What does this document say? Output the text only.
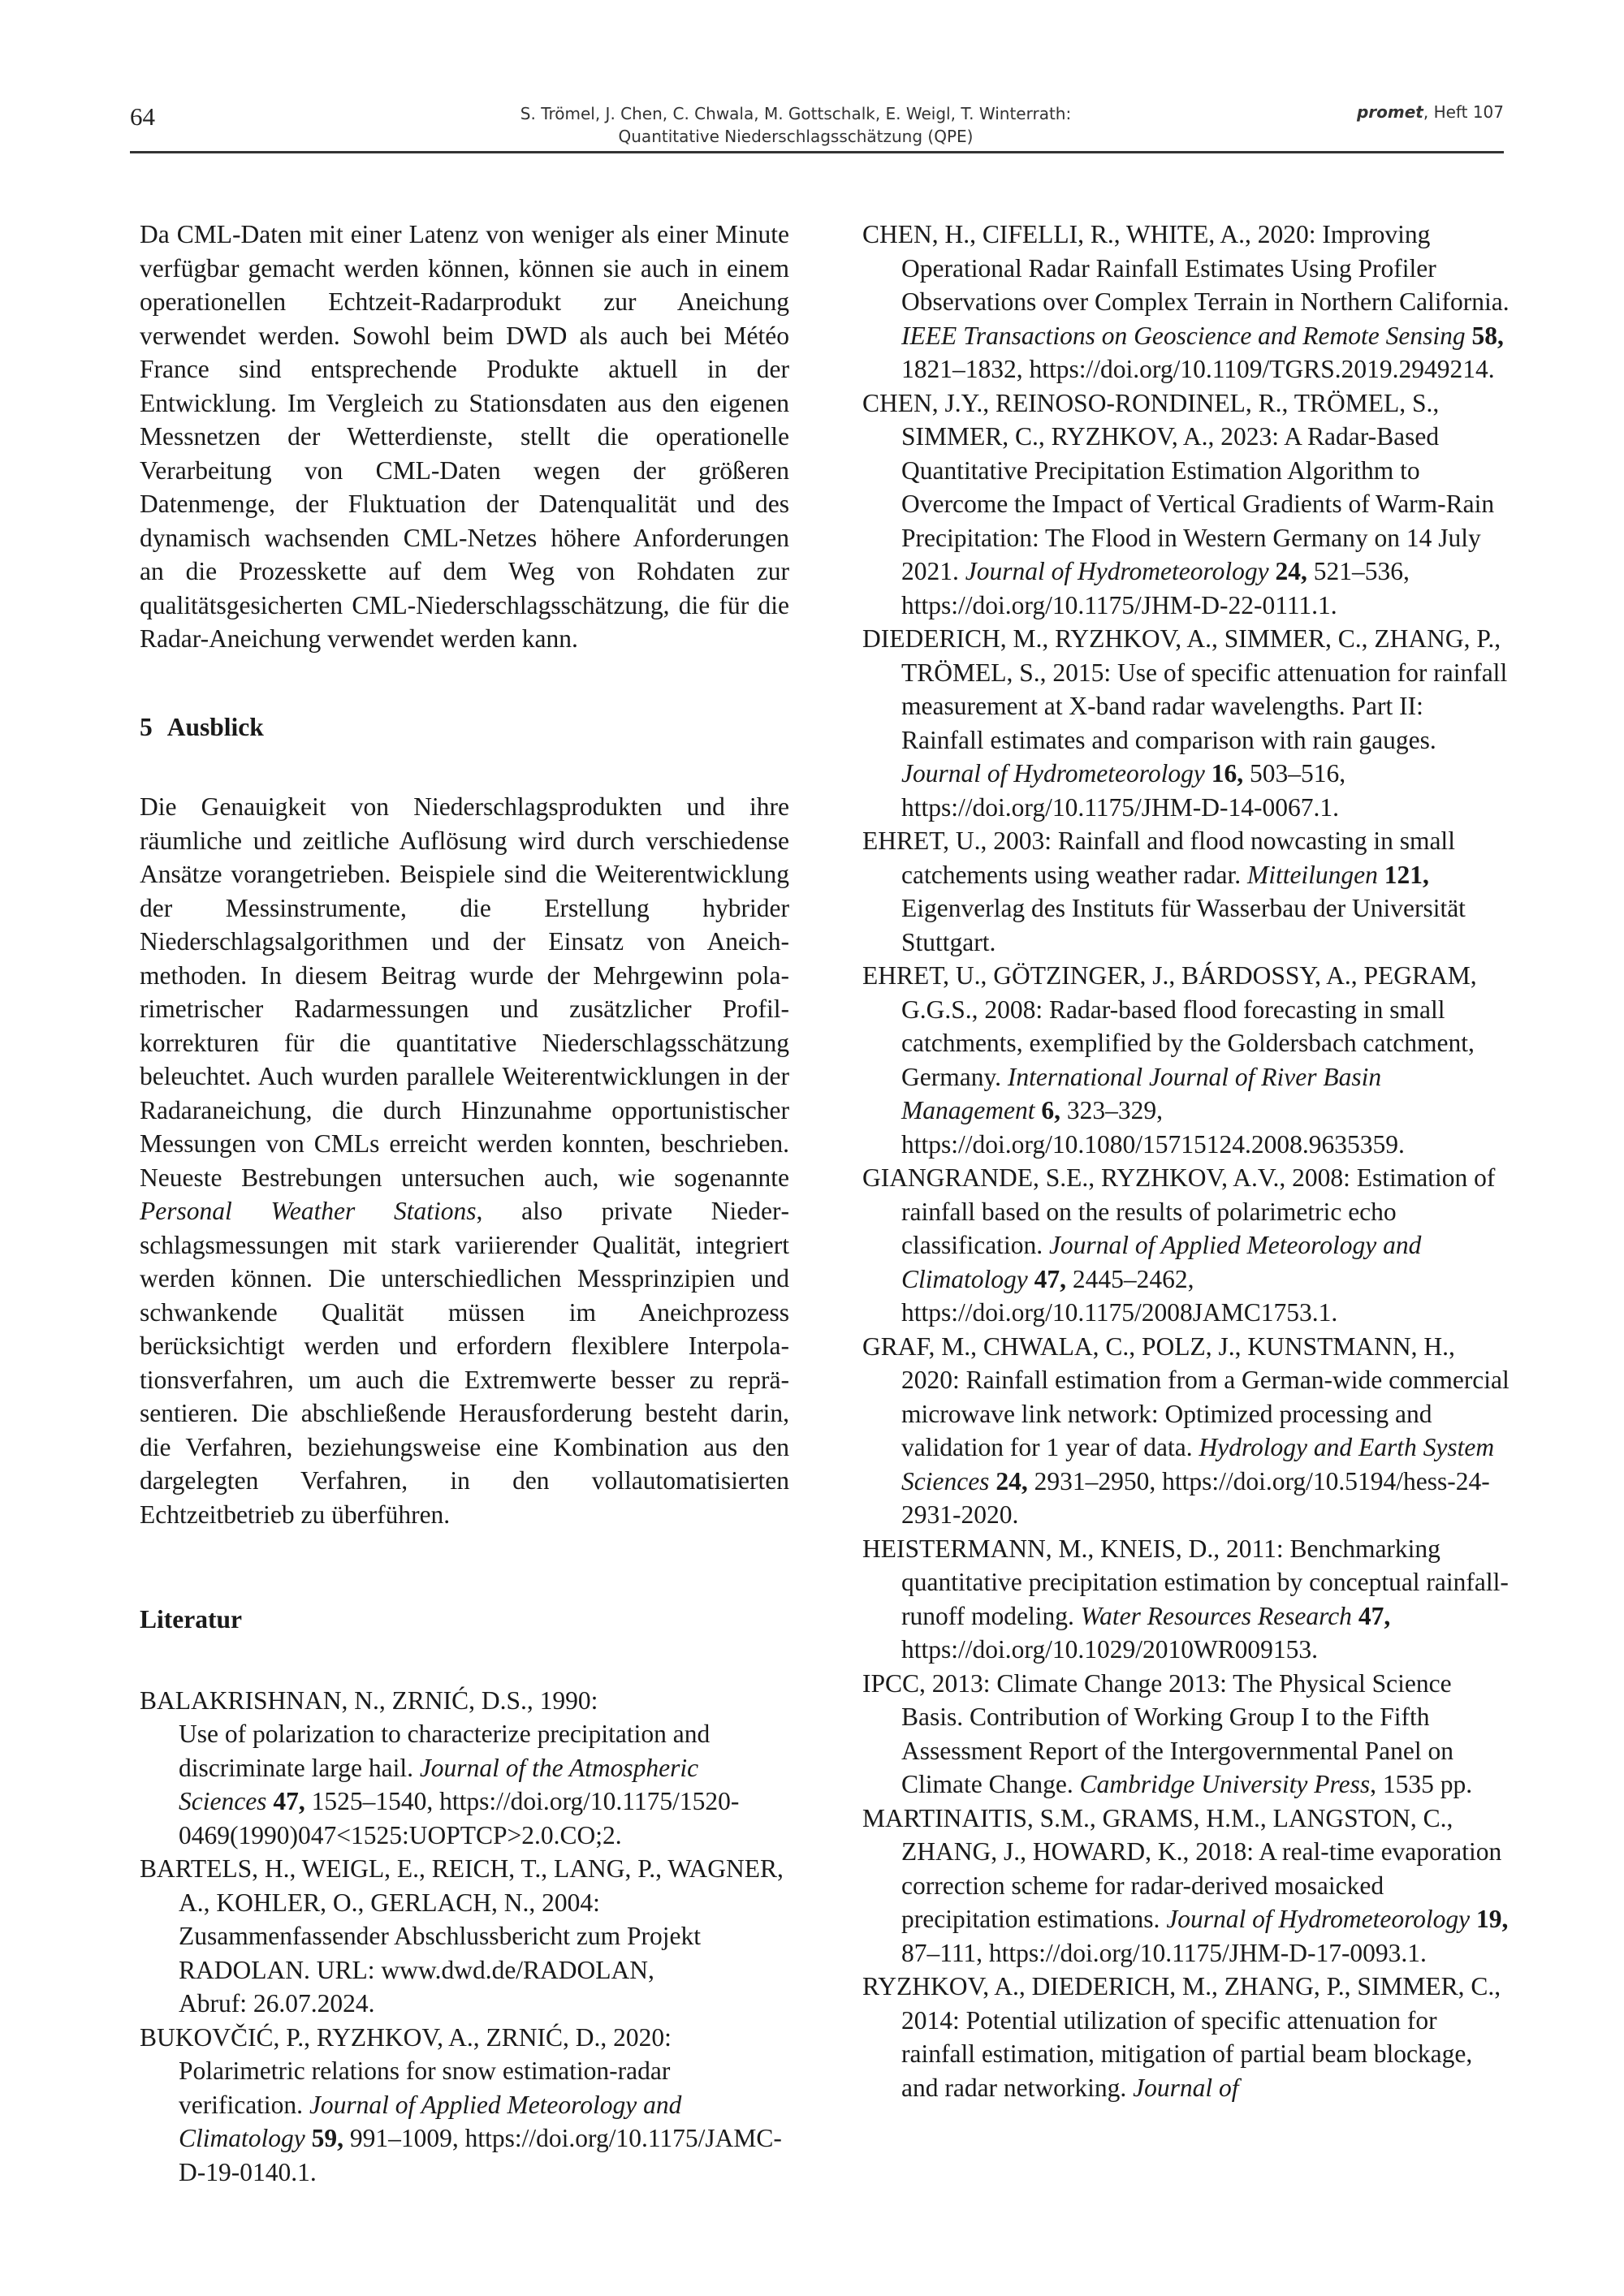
64	S. Trömel, J. Chen, C. Chwala, M. Gottschalk, E. Weigl, T. Winterrath:
Quantitative Niederschlagsschätzung (QPE)
promet, Heft 107

Da CML-Daten mit einer Latenz von weniger als einer Minute verfügbar gemacht werden können, können sie auch in einem operationellen Echtzeit-Radarprodukt zur Aneichung verwendet werden. Sowohl beim DWD als auch bei Météo France sind entsprechende Produkte aktuell in der Entwicklung. Im Vergleich zu Stationsdaten aus den eigenen Messnetzen der Wetterdienste, stellt die operationelle Verarbeitung von CML-Daten wegen der größeren Datenmenge, der Fluktuation der Datenqualität und des dynamisch wachsenden CML-Netzes höhere Anforderungen an die Prozesskette auf dem Weg von Rohdaten zur qualitätsgesicherten CML-Niederschlagsschätzung, die für die Radar-Aneichung verwendet werden kann.

5 Ausblick

Die Genauigkeit von Niederschlagsprodukten und ihre räumliche und zeitliche Auflösung wird durch verschiedense Ansätze vorangetrieben. Beispiele sind die Weiterentwicklung der Messinstrumente, die Erstellung hybrider Niederschlagsalgorithmen und der Einsatz von Aneichmethoden. In diesem Beitrag wurde der Mehrgewinn polarimetrischer Radarmessungen und zusätzlicher Profilkorrekturen für die quantitative Niederschlagsschätzung beleuchtet. Auch wurden parallele Weiterentwicklungen in der Radaraneichung, die durch Hinzunahme opportunistischer Messungen von CMLs erreicht werden konnten, beschrieben. Neueste Bestrebungen untersuchen auch, wie sogenannte Personal Weather Stations, also private Niederschlagsmessungen mit stark variierender Qualität, integriert werden können. Die unterschiedlichen Messprinzipien und schwankende Qualität müssen im Aneichprozess berücksichtigt werden und erfordern flexiblere Interpolationsverfahren, um auch die Extremwerte besser zu repräsentieren. Die abschließende Herausforderung besteht darin, die Verfahren, beziehungsweise eine Kombination aus den dargelegten Verfahren, in den vollautomatisierten Echtzeitbetrieb zu überführen.

Literatur

BALAKRISHNAN, N., ZRNIĆ, D.S., 1990:
Use of polarization to characterize precipitation and discriminate large hail. Journal of the Atmospheric Sciences 47, 1525–1540, https://doi.org/10.1175/1520-0469(1990)047<1525:UOPTCP>2.0.CO;2.

BARTELS, H., WEIGL, E., REICH, T., LANG, P., WAGNER, A., KOHLER, O., GERLACH, N., 2004: Zusammenfassender Abschlussbericht zum Projekt RADOLAN. URL: www.dwd.de/RADOLAN,
Abruf: 26.07.2024.

BUKOVČIĆ, P., RYZHKOV, A., ZRNIĆ, D., 2020:
Polarimetric relations for snow estimation-radar verification. Journal of Applied Meteorology and Climatology 59, 991–1009, https://doi.org/10.1175/JAMC-D-19-0140.1.

CHEN, H., CIFELLI, R., WHITE, A., 2020: Improving Operational Radar Rainfall Estimates Using Profiler Observations over Complex Terrain in Northern California. IEEE Transactions on Geoscience and Remote Sensing 58, 1821–1832, https://doi.org/10.1109/TGRS.2019.2949214.

CHEN, J.Y., REINOSO-RONDINEL, R., TRÖMEL, S., SIMMER, C., RYZHKOV, A., 2023: A Radar-Based Quantitative Precipitation Estimation Algorithm to Overcome the Impact of Vertical Gradients of Warm-Rain Precipitation: The Flood in Western Germany on 14 July 2021. Journal of Hydrometeorology 24, 521–536, https://doi.org/10.1175/JHM-D-22-0111.1.

DIEDERICH, M., RYZHKOV, A., SIMMER, C., ZHANG, P., TRÖMEL, S., 2015: Use of specific attenuation for rainfall measurement at X-band radar wavelengths. Part II: Rainfall estimates and comparison with rain gauges. Journal of Hydrometeorology 16, 503–516, https://doi.org/10.1175/JHM-D-14-0067.1.

EHRET, U., 2003: Rainfall and flood nowcasting in small catchements using weather radar. Mitteilungen 121, Eigenverlag des Instituts für Wasserbau der Universität Stuttgart.

EHRET, U., GÖTZINGER, J., BÁRDOSSY, A., PEGRAM, G.G.S., 2008: Radar-based flood forecasting in small catchments, exemplified by the Goldersbach catchment, Germany. International Journal of River Basin Management 6, 323–329, https://doi.org/10.1080/15715124.2008.9635359.

GIANGRANDE, S.E., RYZHKOV, A.V., 2008: Estimation of rainfall based on the results of polarimetric echo classification. Journal of Applied Meteorology and Climatology 47, 2445–2462, https://doi.org/10.1175/2008JAMC1753.1.

GRAF, M., CHWALA, C., POLZ, J., KUNSTMANN, H., 2020: Rainfall estimation from a German-wide commercial microwave link network: Optimized processing and validation for 1 year of data. Hydrology and Earth System Sciences 24, 2931–2950, https://doi.org/10.5194/hess-24-2931-2020.

HEISTERMANN, M., KNEIS, D., 2011: Benchmarking quantitative precipitation estimation by conceptual rainfall-runoff modeling. Water Resources Research 47, https://doi.org/10.1029/2010WR009153.

IPCC, 2013: Climate Change 2013: The Physical Science Basis. Contribution of Working Group I to the Fifth Assessment Report of the Intergovernmental Panel on Climate Change. Cambridge University Press, 1535 pp.

MARTINAITIS, S.M., GRAMS, H.M., LANGSTON, C., ZHANG, J., HOWARD, K., 2018: A real-time evaporation correction scheme for radar-derived mosaicked precipitation estimations. Journal of Hydrometeorology 19, 87–111, https://doi.org/10.1175/JHM-D-17-0093.1.

RYZHKOV, A., DIEDERICH, M., ZHANG, P., SIMMER, C., 2014: Potential utilization of specific attenuation for rainfall estimation, mitigation of partial beam blockage, and radar networking. Journal of
